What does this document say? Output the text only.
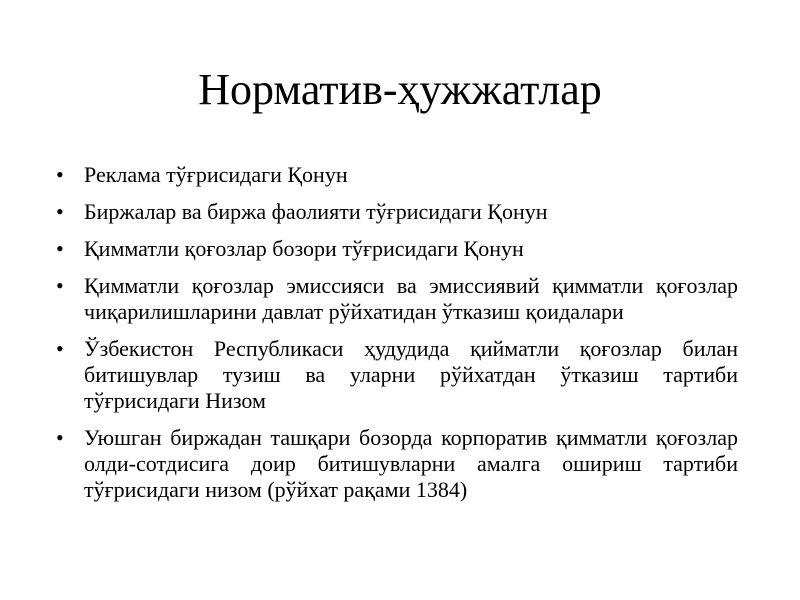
Норматив-ҳужжатлар
• Реклама тўғрисидаги Қонун
• Биржалар ва биржа фаолияти тўғрисидаги Қонун
• Қимматли қоғозлар бозори тўғрисидаги Қонун
• Қимматли қоғозлар эмиссияси ва эмиссиявий қимматли қоғозлар чиқарилишларини давлат рўйхатидан ўтказиш қоидалари
• Ўзбекистон Республикаси ҳудудида қийматли қоғозлар билан битишувлар тузиш ва уларни рўйхатдан ўтказиш тартиби тўғрисидаги Низом
• Уюшган биржадан ташқари бозорда корпоратив қимматли қоғозлар олди-сотдисига доир битишувларни амалга ошириш тартиби тўғрисидаги низом (рўйхат рақами 1384)
